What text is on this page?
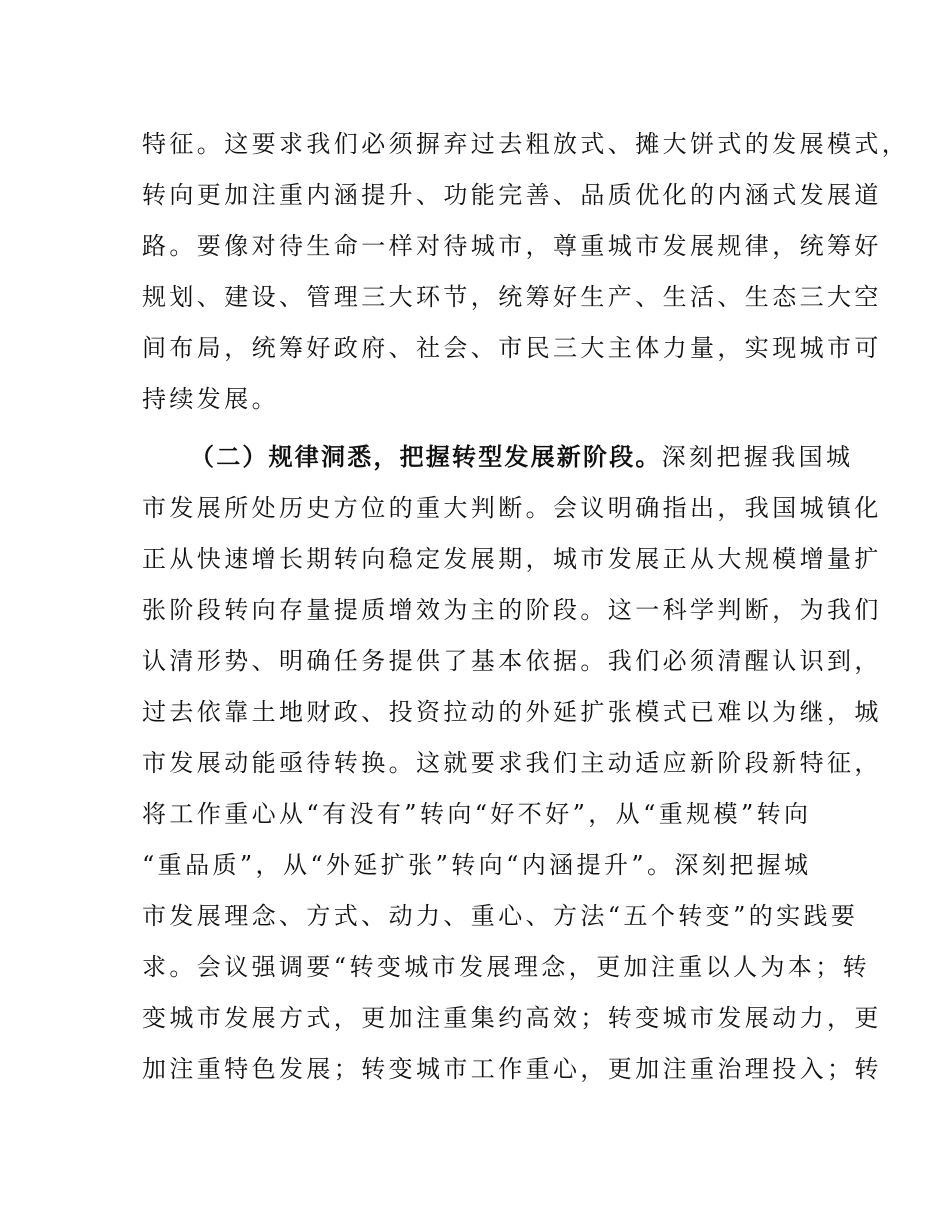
特征。这要求我们必须摒弃过去粗放式、摊大饼式的发展模式，
转向更加注重内涵提升、功能完善、品质优化的内涵式发展道
路。要像对待生命一样对待城市，尊重城市发展规律，统筹好
规划、建设、管理三大环节，统筹好生产、生活、生态三大空
间布局，统筹好政府、社会、市民三大主体力量，实现城市可
持续发展。
（二）规律洞悉，把握转型发展新阶段。深刻把握我国城
市发展所处历史方位的重大判断。会议明确指出，我国城镇化
正从快速增长期转向稳定发展期，城市发展正从大规模增量扩
张阶段转向存量提质增效为主的阶段。这一科学判断，为我们
认清形势、明确任务提供了基本依据。我们必须清醒认识到，
过去依靠土地财政、投资拉动的外延扩张模式已难以为继，城
市发展动能亟待转换。这就要求我们主动适应新阶段新特征，
将工作重心从“有没有”转向“好不好”，从“重规模”转向
“重品质”，从“外延扩张”转向“内涵提升”。深刻把握城
市发展理念、方式、动力、重心、方法“五个转变”的实践要
求。会议强调要“转变城市发展理念，更加注重以人为本；转
变城市发展方式，更加注重集约高效；转变城市发展动力，更
加注重特色发展；转变城市工作重心，更加注重治理投入；转
